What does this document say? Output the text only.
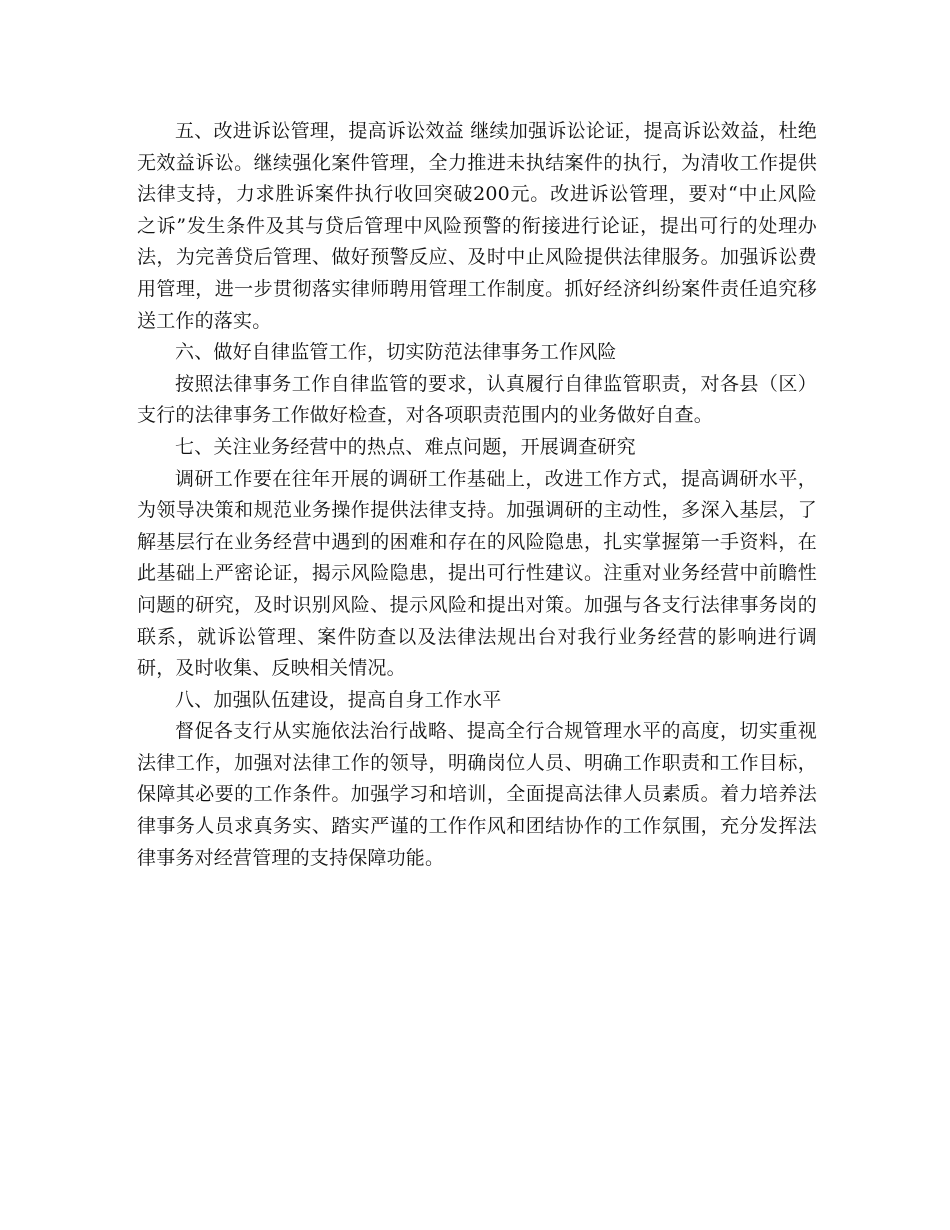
五、改进诉讼管理，提高诉讼效益 继续加强诉讼论证，提高诉讼效益，杜绝无效益诉讼。继续强化案件管理，全力推进未执结案件的执行，为清收工作提供法律支持，力求胜诉案件执行收回突破200元。改进诉讼管理，要对“中止风险之诉”发生条件及其与贷后管理中风险预警的衔接进行论证，提出可行的处理办法，为完善贷后管理、做好预警反应、及时中止风险提供法律服务。加强诉讼费用管理，进一步贯彻落实律师聘用管理工作制度。抓好经济纠纷案件责任追究移送工作的落实。

六、做好自律监管工作，切实防范法律事务工作风险

按照法律事务工作自律监管的要求，认真履行自律监管职责，对各县（区）支行的法律事务工作做好检查，对各项职责范围内的业务做好自查。

七、关注业务经营中的热点、难点问题，开展调查研究

调研工作要在往年开展的调研工作基础上，改进工作方式，提高调研水平，为领导决策和规范业务操作提供法律支持。加强调研的主动性，多深入基层，了解基层行在业务经营中遇到的困难和存在的风险隐患，扎实掌握第一手资料，在此基础上严密论证，揭示风险隐患，提出可行性建议。注重对业务经营中前瞻性问题的研究，及时识别风险、提示风险和提出对策。加强与各支行法律事务岗的联系，就诉讼管理、案件防查以及法律法规出台对我行业务经营的影响进行调研，及时收集、反映相关情况。

八、加强队伍建设，提高自身工作水平

督促各支行从实施依法治行战略、提高全行合规管理水平的高度，切实重视法律工作，加强对法律工作的领导，明确岗位人员、明确工作职责和工作目标，保障其必要的工作条件。加强学习和培训，全面提高法律人员素质。着力培养法律事务人员求真务实、踏实严谨的工作作风和团结协作的工作氛围，充分发挥法律事务对经营管理的支持保障功能。
